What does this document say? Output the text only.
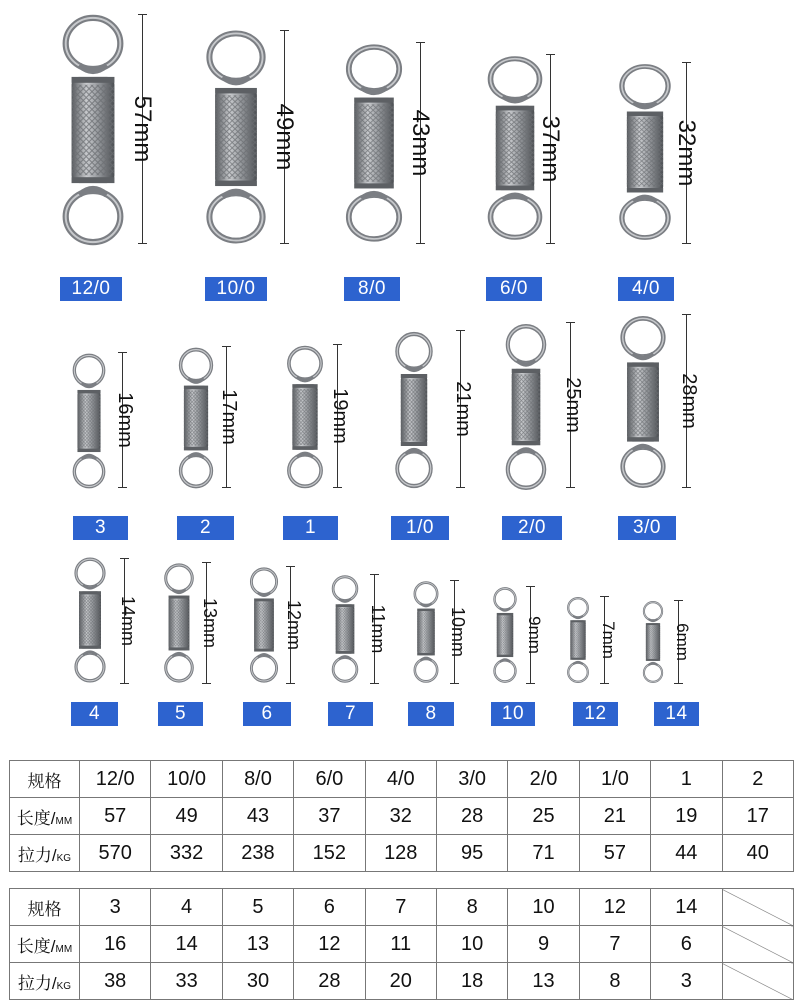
57mm
12/0
49mm
10/0
43mm
8/0
37mm
6/0
32mm
4/0
16mm
3
17mm
2
19mm
1
21mm
1/0
25mm
2/0
28mm
3/0
14mm
4
13mm
5
12mm
6
11mm
7
10mm
8
9mm
10
7mm
12
6mm
14
规格	12/0	10/0	8/0	6/0	4/0	3/0	2/0	1/0	1	2
长度/MM	57	49	43	37	32	28	25	21	19	17
拉力/KG	570	332	238	152	128	95	71	57	44	40
规格	3	4	5	6	7	8	10	12	14	
长度/MM	16	14	13	12	11	10	9	7	6	
拉力/KG	38	33	30	28	20	18	13	8	3	
